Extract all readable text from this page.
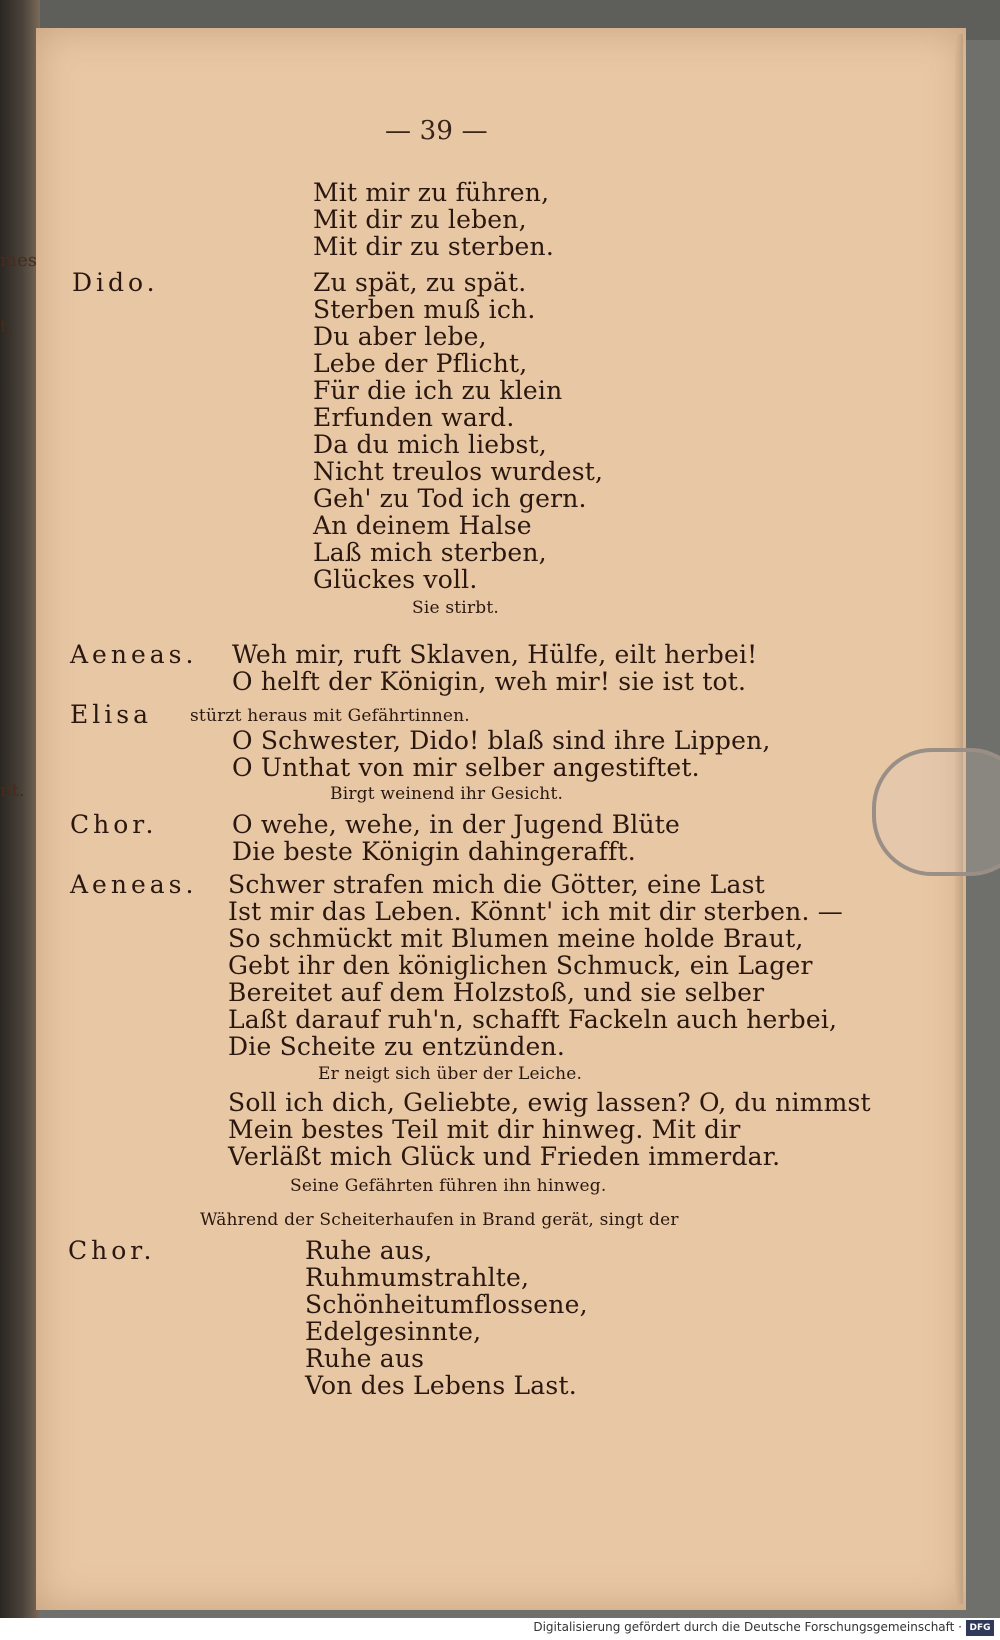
mes
t,
nt.
— 39 —
Mit mir zu führen,
Mit dir zu leben,
Mit dir zu sterben.
Dido.	Zu spät, zu spät.
Sterben muß ich.
Du aber lebe,
Lebe der Pflicht,
Für die ich zu klein
Erfunden ward.
Da du mich liebst,
Nicht treulos wurdest,
Geh' zu Tod ich gern.
An deinem Halse
Laß mich sterben,
Glückes voll.
Sie stirbt.
Aeneas. Weh mir, ruft Sklaven, Hülfe, eilt herbei!
O helft der Königin, weh mir! sie ist tot.
Elisa stürzt heraus mit Gefährtinnen.
O Schwester, Dido! blaß sind ihre Lippen,
O Unthat von mir selber angestiftet.
Birgt weinend ihr Gesicht.
Chor.	O wehe, wehe, in der Jugend Blüte
Die beste Königin dahingerafft.
Aeneas. Schwer strafen mich die Götter, eine Last
Ist mir das Leben. Könnt' ich mit dir sterben. —
So schmückt mit Blumen meine holde Braut,
Gebt ihr den königlichen Schmuck, ein Lager
Bereitet auf dem Holzstoß, und sie selber
Laßt darauf ruh'n, schafft Fackeln auch herbei,
Die Scheite zu entzünden.
Er neigt sich über der Leiche.
Soll ich dich, Geliebte, ewig lassen? O, du nimmst
Mein bestes Teil mit dir hinweg. Mit dir
Verläßt mich Glück und Frieden immerdar.
Seine Gefährten führen ihn hinweg.
Während der Scheiterhaufen in Brand gerät, singt der
Chor.	Ruhe aus,
Ruhmumstrahlte,
Schönheitumflossene,
Edelgesinnte,
Ruhe aus
Von des Lebens Last.
Digitalisierung gefördert durch die Deutsche Forschungsgemeinschaft · DFG
